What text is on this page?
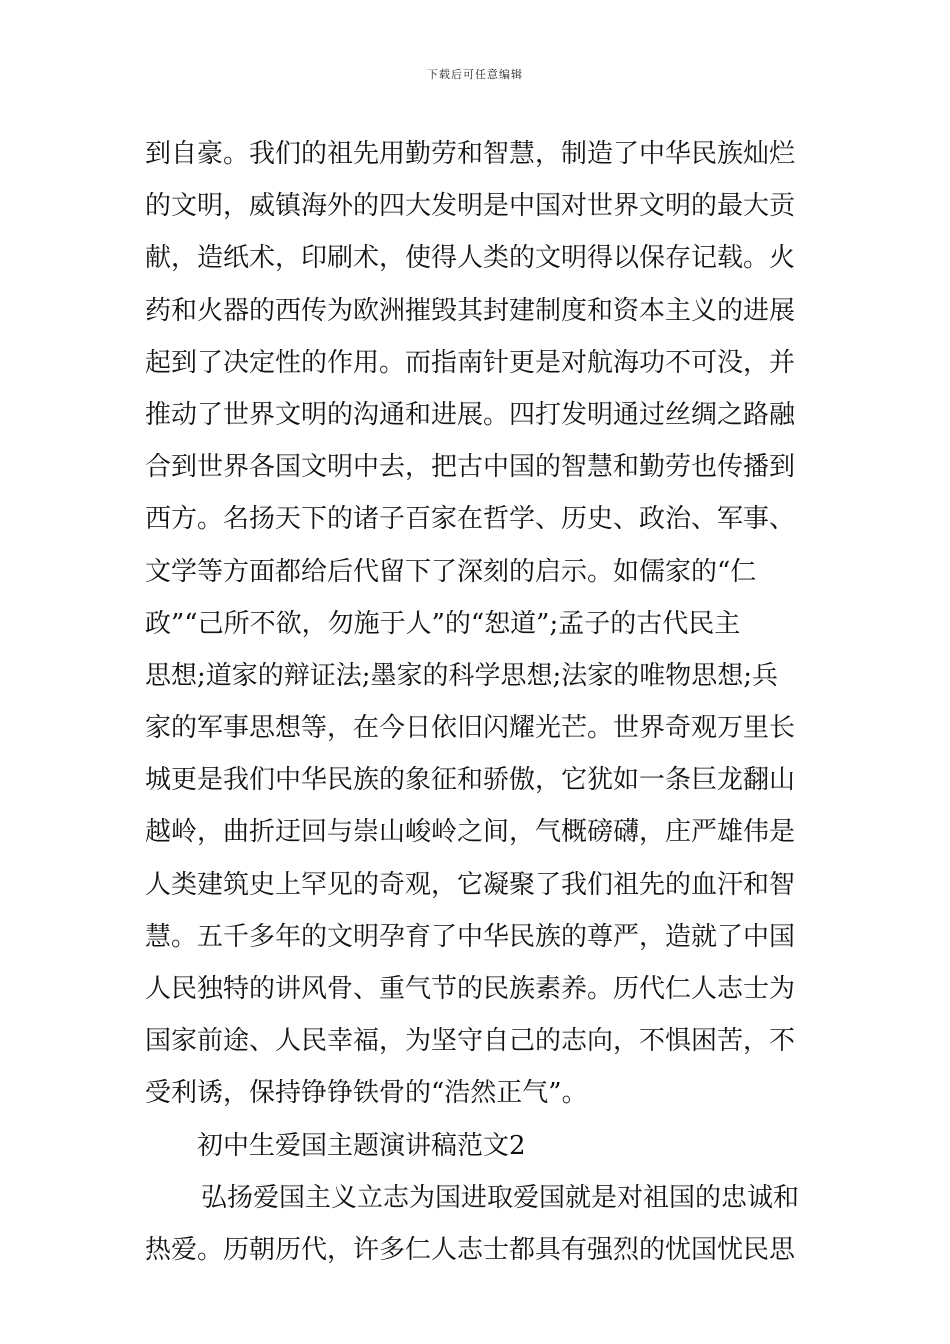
下载后可任意编辑
到自豪。我们的祖先用勤劳和智慧，制造了中华民族灿烂
的文明，威镇海外的四大发明是中国对世界文明的最大贡
献，造纸术，印刷术，使得人类的文明得以保存记载。火
药和火器的西传为欧洲摧毁其封建制度和资本主义的进展
起到了决定性的作用。而指南针更是对航海功不可没，并
推动了世界文明的沟通和进展。四打发明通过丝绸之路融
合到世界各国文明中去，把古中国的智慧和勤劳也传播到
西方。名扬天下的诸子百家在哲学、历史、政治、军事、
文学等方面都给后代留下了深刻的启示。如儒家的“仁
政”“己所不欲，勿施于人”的“恕道”;孟子的古代民主
思想;道家的辩证法;墨家的科学思想;法家的唯物思想;兵
家的军事思想等，在今日依旧闪耀光芒。世界奇观万里长
城更是我们中华民族的象征和骄傲，它犹如一条巨龙翻山
越岭，曲折迂回与崇山峻岭之间，气概磅礴，庄严雄伟是
人类建筑史上罕见的奇观，它凝聚了我们祖先的血汗和智
慧。五千多年的文明孕育了中华民族的尊严，造就了中国
人民独特的讲风骨、重气节的民族素养。历代仁人志士为
国家前途、人民幸福，为坚守自己的志向，不惧困苦，不
受利诱，保持铮铮铁骨的“浩然正气”。
初中生爱国主题演讲稿范文2
弘扬爱国主义立志为国进取爱国就是对祖国的忠诚和
热爱。历朝历代，许多仁人志士都具有强烈的忧国忧民思
